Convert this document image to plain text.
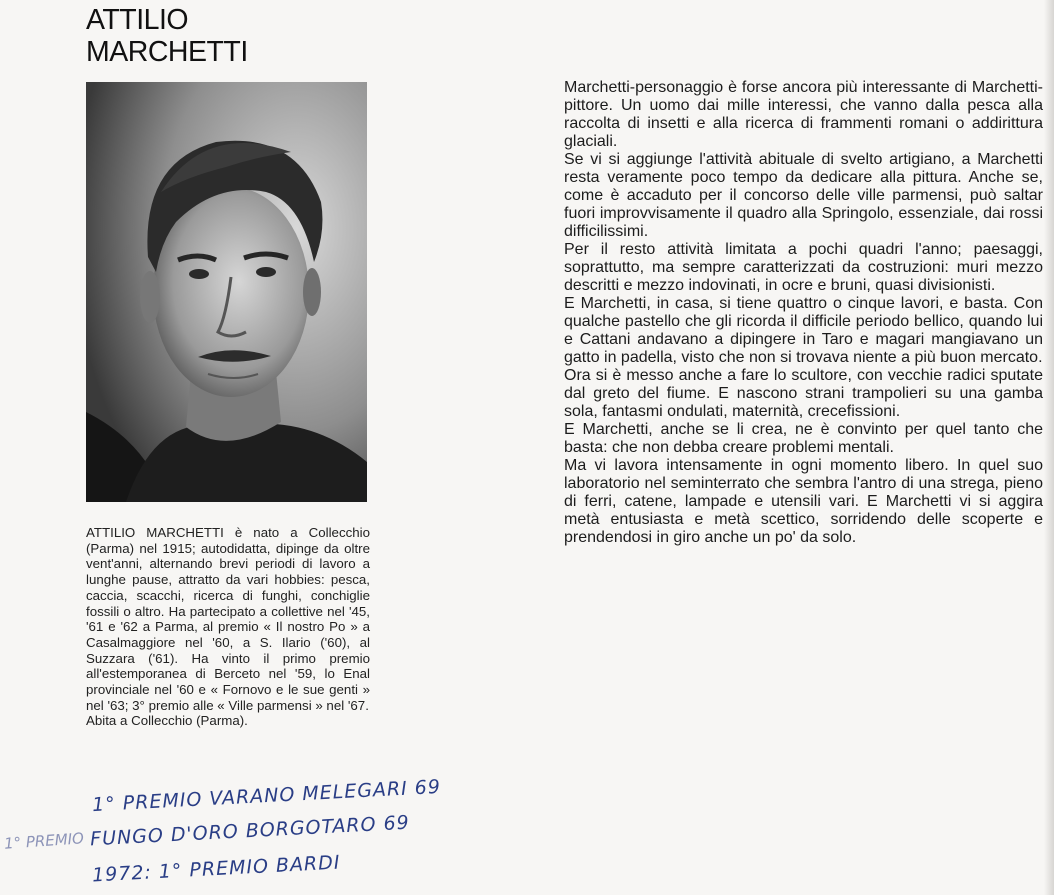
ATTILIO
MARCHETTI

ATTILIO MARCHETTI è nato a Collecchio (Parma) nel 1915; autodidatta, dipinge da oltre vent'anni, alternando brevi periodi di lavoro a lunghe pause, attratto da vari hobbies: pesca, caccia, scacchi, ricerca di funghi, conchiglie fossili o altro. Ha partecipato a collettive nel '45, '61 e '62 a Parma, al premio « Il nostro Po » a Casalmaggiore nel '60, a S. Ilario ('60), al Suzzara ('61). Ha vinto il primo premio all'estemporanea di Berceto nel '59, lo Enal provinciale nel '60 e « Fornovo e le sue genti » nel '63; 3° premio alle « Ville parmensi » nel '67.

Abita a Collecchio (Parma).

1° PREMIO VARANO MELEGARI 69
FUNGO D'ORO BORGOTARO 69
1972: 1° PREMIO BARDI
1° PREMIO

Marchetti-personaggio è forse ancora più interessante di Marchetti-pittore. Un uomo dai mille interessi, che vanno dalla pesca alla raccolta di insetti e alla ricerca di frammenti romani o addirittura glaciali.

Se vi si aggiunge l'attività abituale di svelto artigiano, a Marchetti resta veramente poco tempo da dedicare alla pittura. Anche se, come è accaduto per il concorso delle ville parmensi, può saltar fuori improvvisamente il quadro alla Springolo, essenziale, dai rossi difficilissimi.

Per il resto attività limitata a pochi quadri l'anno; paesaggi, soprattutto, ma sempre caratterizzati da costruzioni: muri mezzo descritti e mezzo indovinati, in ocre e bruni, quasi divisionisti.

E Marchetti, in casa, si tiene quattro o cinque lavori, e basta. Con qualche pastello che gli ricorda il difficile periodo bellico, quando lui e Cattani andavano a dipingere in Taro e magari mangiavano un gatto in padella, visto che non si trovava niente a più buon mercato.

Ora si è messo anche a fare lo scultore, con vecchie radici sputate dal greto del fiume. E nascono strani trampolieri su una gamba sola, fantasmi ondulati, maternità, crecefissioni.

E Marchetti, anche se li crea, ne è convinto per quel tanto che basta: che non debba creare problemi mentali.

Ma vi lavora intensamente in ogni momento libero. In quel suo laboratorio nel seminterrato che sembra l'antro di una strega, pieno di ferri, catene, lampade e utensili vari. E Marchetti vi si aggira metà entusiasta e metà scettico, sorridendo delle scoperte e prendendosi in giro anche un po' da solo.
